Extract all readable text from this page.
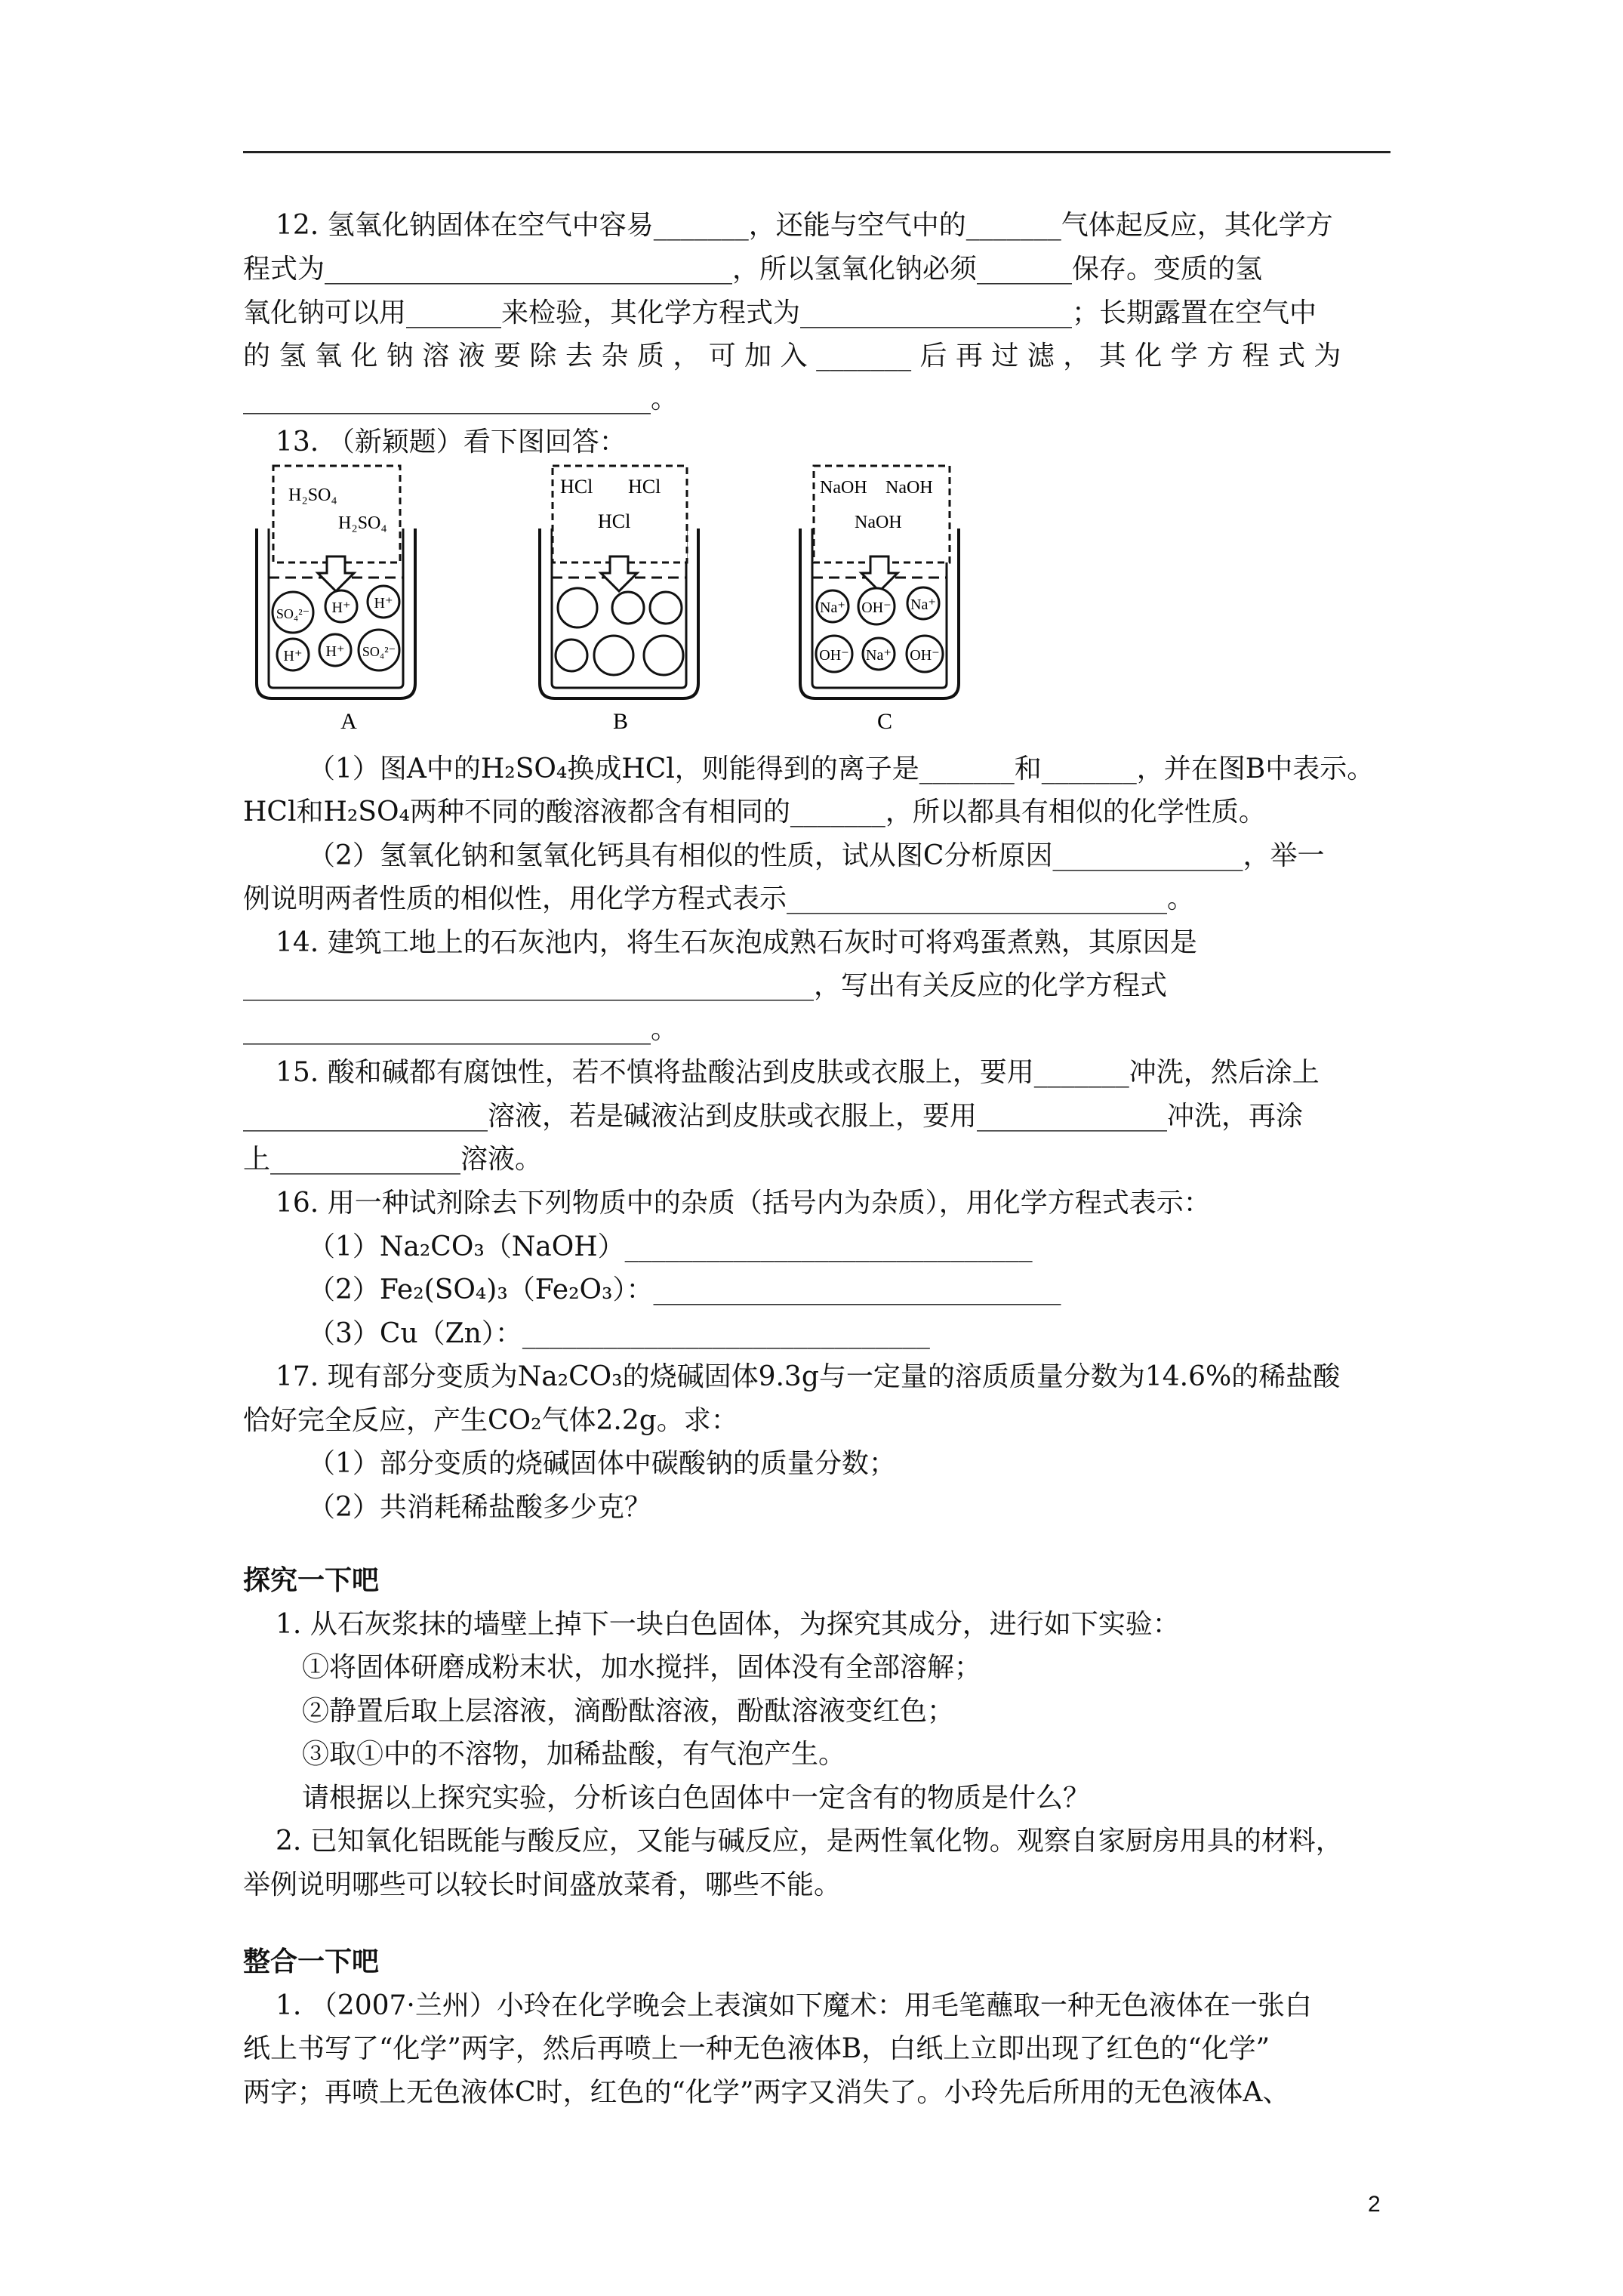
12. 氢氧化钠固体在空气中容易_______，还能与空气中的_______气体起反应，其化学方
程式为______________________________，所以氢氧化钠必须_______保存。变质的氢
氧化钠可以用_______来检验，其化学方程式为____________________；长期露置在空气中
的 氢 氧 化 钠 溶 液 要 除 去 杂 质 ， 可 加 入 _______ 后 再 过 滤 ， 其 化 学 方 程 式 为
______________________________。
13. （新颖题）看下图回答：
H₂SO₄
H₂SO₄
SO₄²⁻ H⁺ H⁺
H⁺ H⁺ SO₄²⁻
A
HCl HCl
HCl
B
NaOH NaOH
NaOH
Na⁺ OH⁻ Na⁺
OH⁻ Na⁺ OH⁻
C
（1）图A中的H₂SO₄换成HCl，则能得到的离子是_______和_______，并在图B中表示。
HCl和H₂SO₄两种不同的酸溶液都含有相同的_______，所以都具有相似的化学性质。
（2）氢氧化钠和氢氧化钙具有相似的性质，试从图C分析原因______________，举一
例说明两者性质的相似性，用化学方程式表示____________________________。
14. 建筑工地上的石灰池内，将生石灰泡成熟石灰时可将鸡蛋煮熟，其原因是
__________________________________________，写出有关反应的化学方程式
______________________________。
15. 酸和碱都有腐蚀性，若不慎将盐酸沾到皮肤或衣服上，要用_______冲洗，然后涂上
__________________溶液，若是碱液沾到皮肤或衣服上，要用______________冲洗，再涂
上______________溶液。
16. 用一种试剂除去下列物质中的杂质（括号内为杂质），用化学方程式表示：
（1）Na₂CO₃（NaOH）______________________________
（2）Fe₂(SO₄)₃（Fe₂O₃）：______________________________
（3）Cu（Zn）：______________________________
17. 现有部分变质为Na₂CO₃的烧碱固体9.3g与一定量的溶质质量分数为14.6%的稀盐酸
恰好完全反应，产生CO₂气体2.2g。求：
（1）部分变质的烧碱固体中碳酸钠的质量分数；
（2）共消耗稀盐酸多少克？
探究一下吧
1. 从石灰浆抹的墙壁上掉下一块白色固体，为探究其成分，进行如下实验：
①将固体研磨成粉末状，加水搅拌，固体没有全部溶解；
②静置后取上层溶液，滴酚酞溶液，酚酞溶液变红色；
③取①中的不溶物，加稀盐酸，有气泡产生。
请根据以上探究实验，分析该白色固体中一定含有的物质是什么？
2. 已知氧化铝既能与酸反应，又能与碱反应，是两性氧化物。观察自家厨房用具的材料，
举例说明哪些可以较长时间盛放菜肴，哪些不能。
整合一下吧
1. （2007·兰州）小玲在化学晚会上表演如下魔术：用毛笔蘸取一种无色液体在一张白
纸上书写了“化学”两字，然后再喷上一种无色液体B，白纸上立即出现了红色的“化学”
两字；再喷上无色液体C时，红色的“化学”两字又消失了。小玲先后所用的无色液体A、
2
